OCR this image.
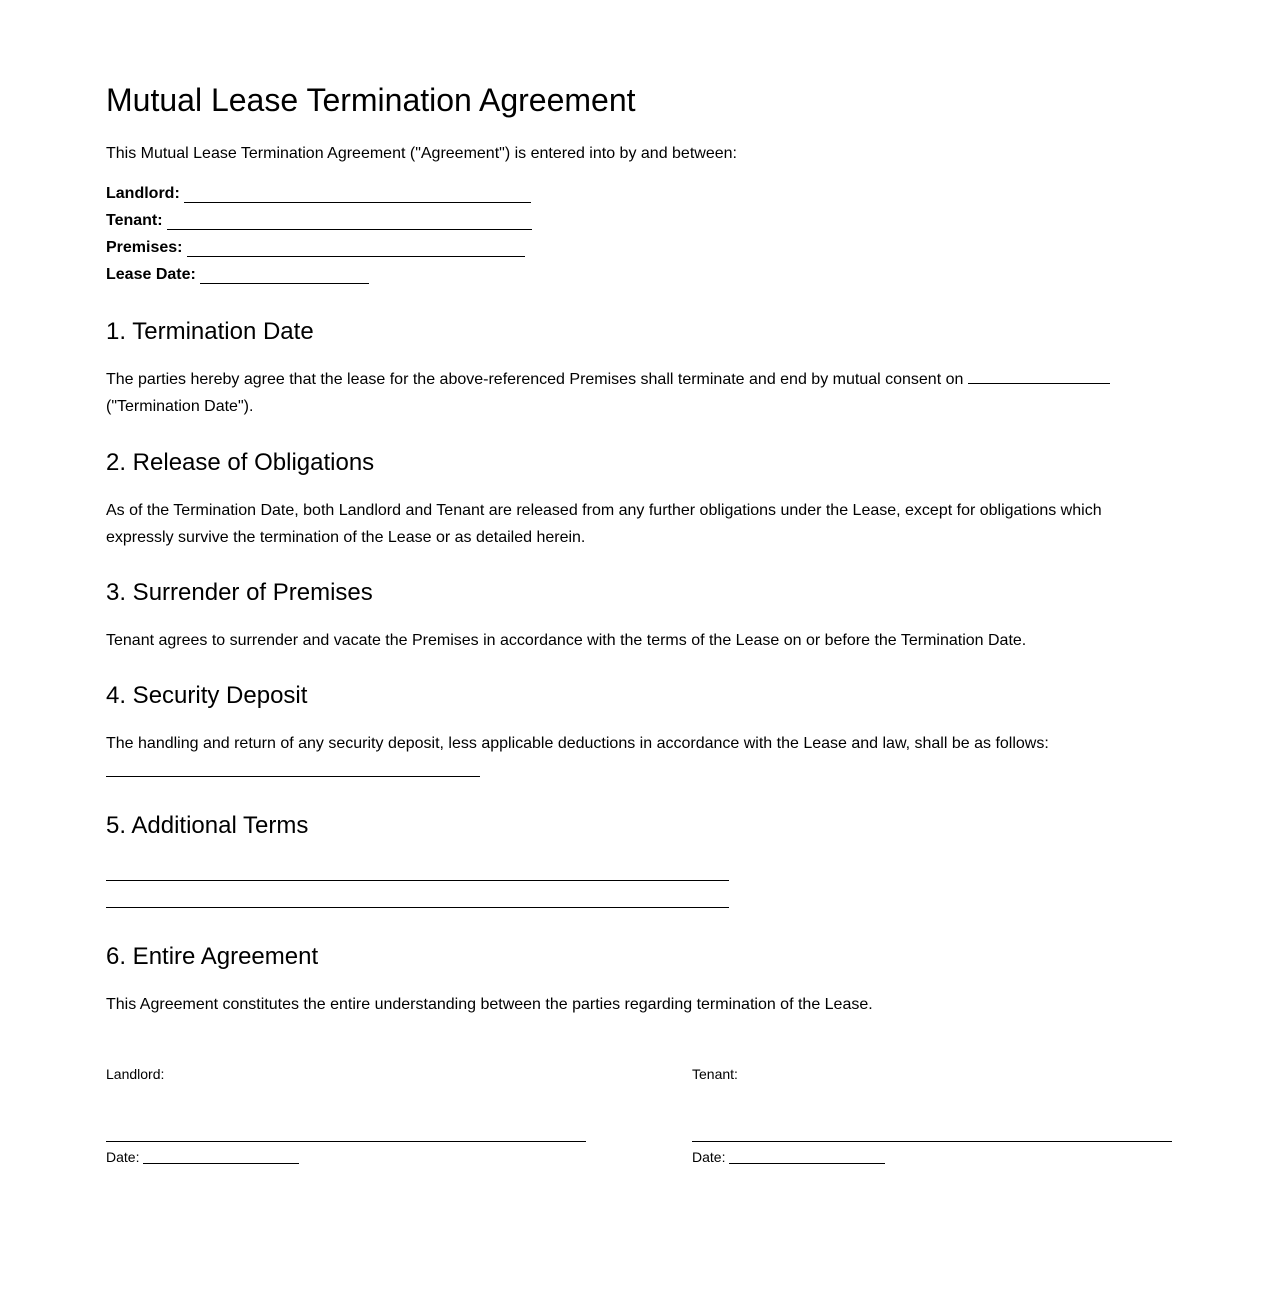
Mutual Lease Termination Agreement
This Mutual Lease Termination Agreement ("Agreement") is entered into by and between:
Landlord:
Tenant:
Premises:
Lease Date:
1. Termination Date
The parties hereby agree that the lease for the above-referenced Premises shall terminate and end by mutual consent on  ("Termination Date").
2. Release of Obligations
As of the Termination Date, both Landlord and Tenant are released from any further obligations under the Lease, except for obligations which expressly survive the termination of the Lease or as detailed herein.
3. Surrender of Premises
Tenant agrees to surrender and vacate the Premises in accordance with the terms of the Lease on or before the Termination Date.
4. Security Deposit
The handling and return of any security deposit, less applicable deductions in accordance with the Lease and law, shall be as follows:
5. Additional Terms
6. Entire Agreement
This Agreement constitutes the entire understanding between the parties regarding termination of the Lease.
Landlord:
Date:
Tenant:
Date:
